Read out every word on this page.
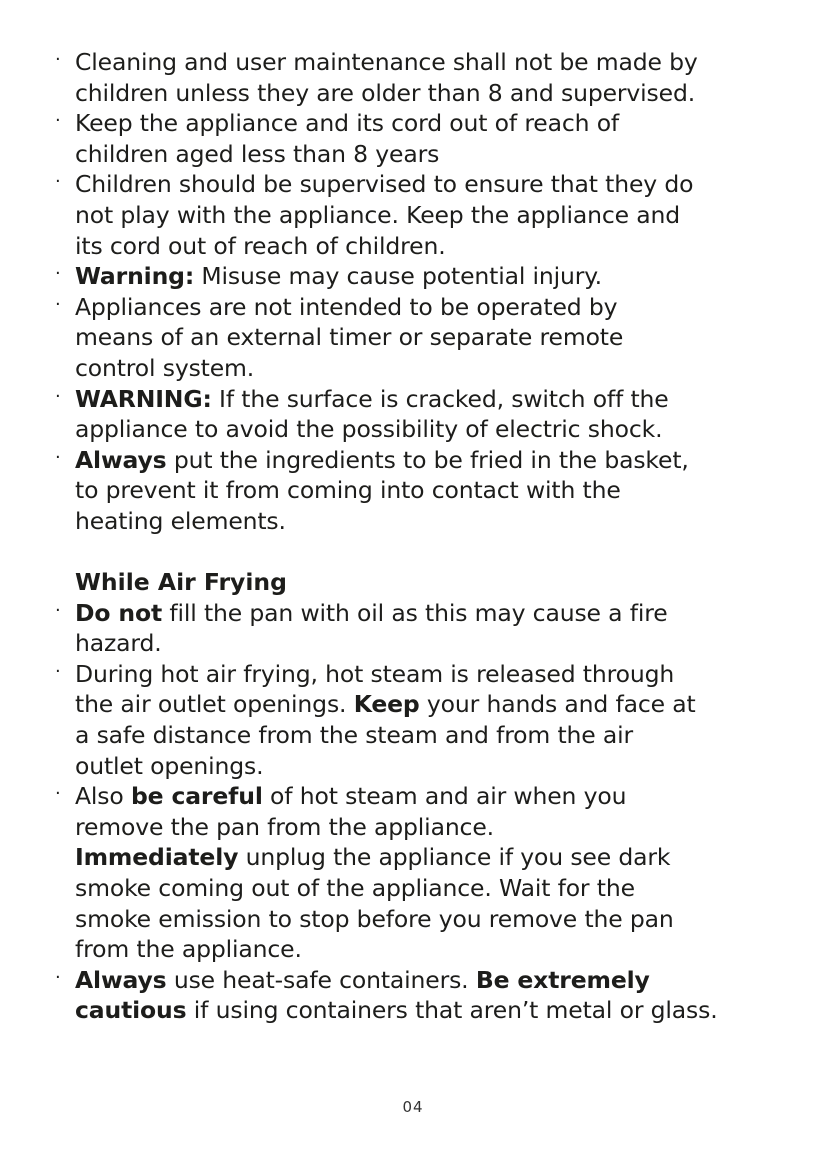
· Cleaning and user maintenance shall not be made by
children unless they are older than 8 and supervised.
· Keep the appliance and its cord out of reach of
children aged less than 8 years
· Children should be supervised to ensure that they do
not play with the appliance. Keep the appliance and
its cord out of reach of children.
· Warning: Misuse may cause potential injury.
· Appliances are not intended to be operated by
means of an external timer or separate remote
control system.
· WARNING: If the surface is cracked, switch off the
appliance to avoid the possibility of electric shock.
· Always put the ingredients to be fried in the basket,
to prevent it from coming into contact with the
heating elements.
While Air Frying
· Do not fill the pan with oil as this may cause a fire
hazard.
· During hot air frying, hot steam is released through
the air outlet openings. Keep your hands and face at
a safe distance from the steam and from the air
outlet openings.
· Also be careful of hot steam and air when you
remove the pan from the appliance.
Immediately unplug the appliance if you see dark
smoke coming out of the appliance. Wait for the
smoke emission to stop before you remove the pan
from the appliance.
· Always use heat-safe containers. Be extremely
cautious if using containers that aren’t metal or glass.
04
